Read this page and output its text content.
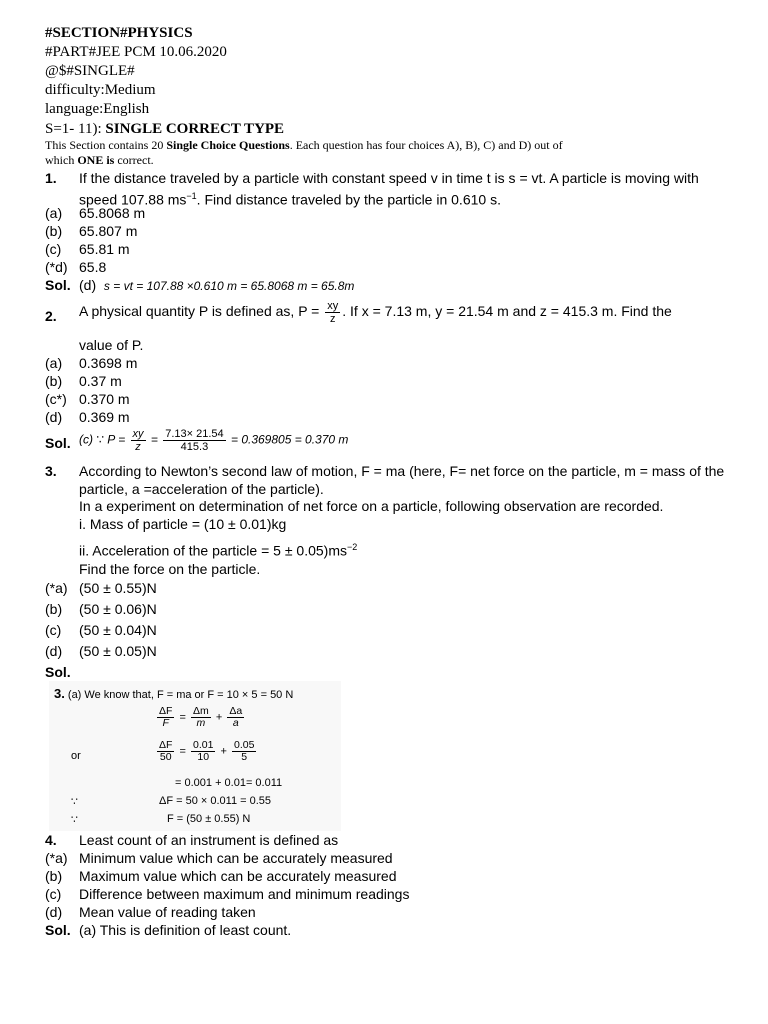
#SECTION#PHYSICS
#PART#JEE PCM 10.06.2020
@$#SINGLE#
difficulty:Medium
language:English
S=1- 11): SINGLE CORRECT TYPE
This Section contains 20 Single Choice Questions. Each question has four choices A), B), C) and D) out of
which ONE is correct.
1.	If the distance traveled by a particle with constant speed v in time t is s = vt. A particle is moving with speed 107.88 $ms^{-1}$. Find distance traveled by the particle in 0.610 s.
(a)	65.8068 m
(b)	65.807 m
(c)	65.81 m
(*d) 65.8
Sol. (d) s = vt = 107.88 ×0.610 m = 65.8068 m = 65.8m
2.	A physical quantity P is defined as, $P = \frac{xy}{z}$ . If x = 7.13 m, y = 21.54 m and z = 415.3 m. Find the
value of P.
(a)	0.3698 m
(b)	0.37 m
(c*) 0.370 m
(d)	0.369 m
Sol. (c) ∵ $P = \frac{xy}{z} = \frac{7.13\times 21.54}{415.3} = 0.369805 = 0.370$ m
3.	According to Newton’s second law of motion, F = ma (here, F= net force on the particle, m = mass of the particle, a =acceleration of the particle).
In a experiment on determination of net force on a particle, following observation are recorded.
i. Mass of particle = (10 ± 0.01)kg
ii. Acceleration of the particle = $5 \pm 0.05)ms^{-2}$
Find the force on the particle.
(*a) (50 ± 0.55)N
(b)	(50 ± 0.06)N
(c)	(50 ± 0.04)N
(d)	(50 ± 0.05)N
Sol.
3. (a) We know that, F = ma or F = 10 × 5 = 50 N
$\frac{\Delta F}{F} = \frac{\Delta m}{m} + \frac{\Delta a}{a}$
or	$\frac{\Delta F}{50} = \frac{0.01}{10} + \frac{0.05}{5}$
= 0.001 + 0.01= 0.011
∵	ΔF = 50 × 0.011 = 0.55
∵	F = (50 ± 0.55) N
4.	Least count of an instrument is defined as
(*a) Minimum value which can be accurately measured
(b)	Maximum value which can be accurately measured
(c)	Difference between maximum and minimum readings
(d)	Mean value of reading taken
Sol. (a) This is definition of least count.
